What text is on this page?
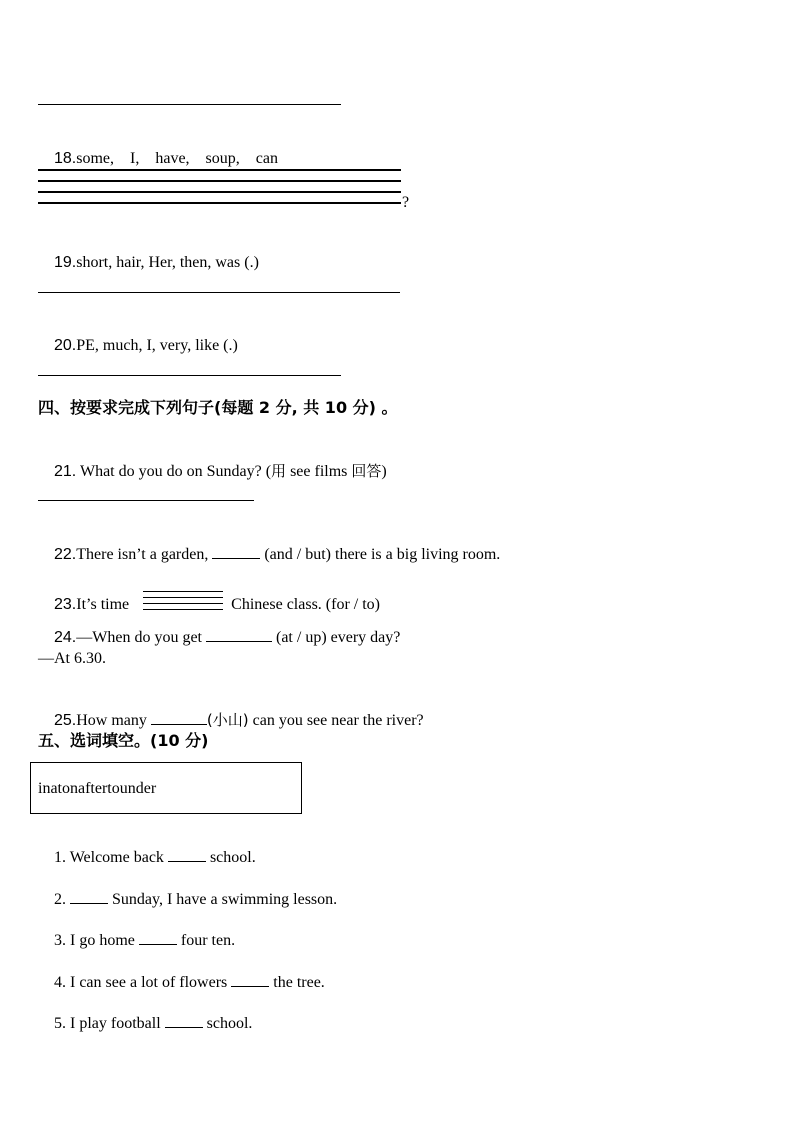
18.some,    I,    have,    soup,    can

?

19.short, hair, Her, then, was (.)

20.PE, much, I, very, like (.)

四、按要求完成下列句子(每题 2 分, 共 10 分) 。

21. What do you do on Sunday? (用 see films 回答)

22.There isn’t a garden,	(and / but) there is a big living room.

23.It’s time	Chinese class. (for / to)

24.—When do you get	(at / up) every day?

—At 6.30.

25.How many	(小山) can you see near the river?

五、选词填空。(10 分)
inatonaftertounder

1. Welcome back  school.

2.  Sunday, I have a swimming lesson.

3. I go home  four ten.

4. I can see a lot of flowers  the tree.

5. I play football  school.
